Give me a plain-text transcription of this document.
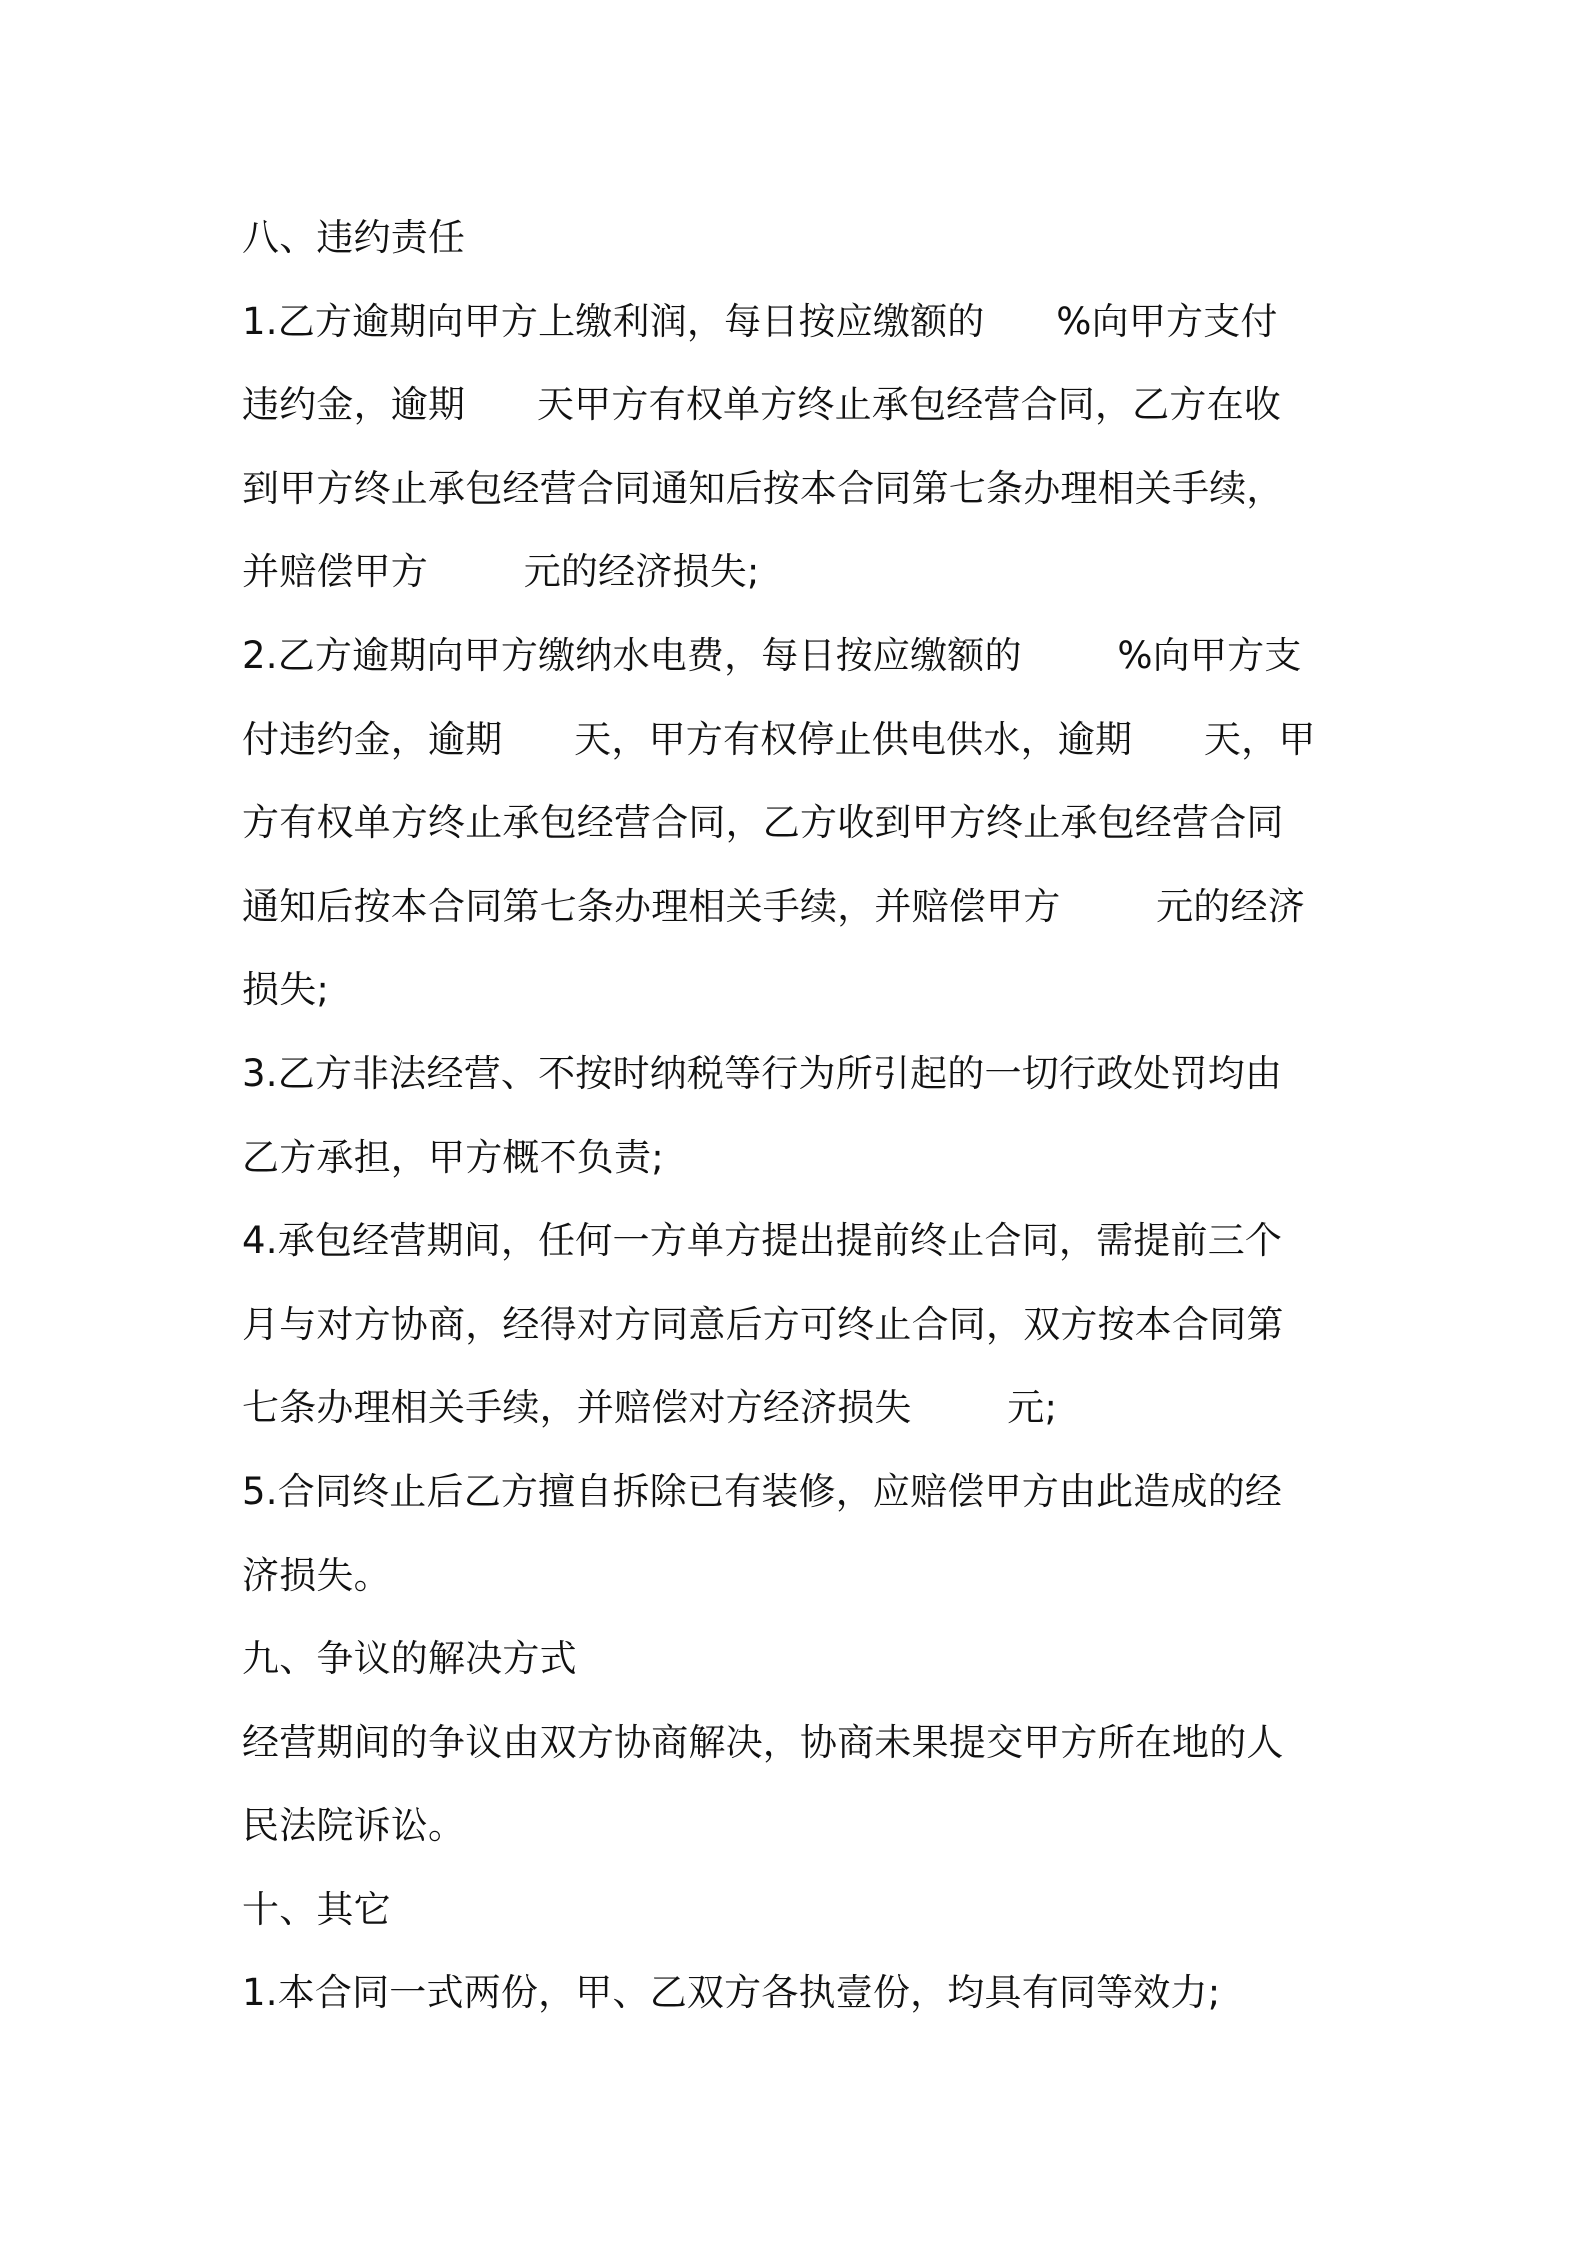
八、违约责任
1.乙方逾期向甲方上缴利润，每日按应缴额的      %向甲方支付
违约金，逾期      天甲方有权单方终止承包经营合同，乙方在收
到甲方终止承包经营合同通知后按本合同第七条办理相关手续，
并赔偿甲方        元的经济损失;
2.乙方逾期向甲方缴纳水电费，每日按应缴额的        %向甲方支
付违约金，逾期      天，甲方有权停止供电供水，逾期      天，甲
方有权单方终止承包经营合同，乙方收到甲方终止承包经营合同
通知后按本合同第七条办理相关手续，并赔偿甲方        元的经济
损失;
3.乙方非法经营、不按时纳税等行为所引起的一切行政处罚均由
乙方承担，甲方概不负责;
4.承包经营期间，任何一方单方提出提前终止合同，需提前三个
月与对方协商，经得对方同意后方可终止合同，双方按本合同第
七条办理相关手续，并赔偿对方经济损失        元;
5.合同终止后乙方擅自拆除已有装修，应赔偿甲方由此造成的经
济损失。
九、争议的解决方式
经营期间的争议由双方协商解决，协商未果提交甲方所在地的人
民法院诉讼。
十、其它
1.本合同一式两份，甲、乙双方各执壹份，均具有同等效力;
